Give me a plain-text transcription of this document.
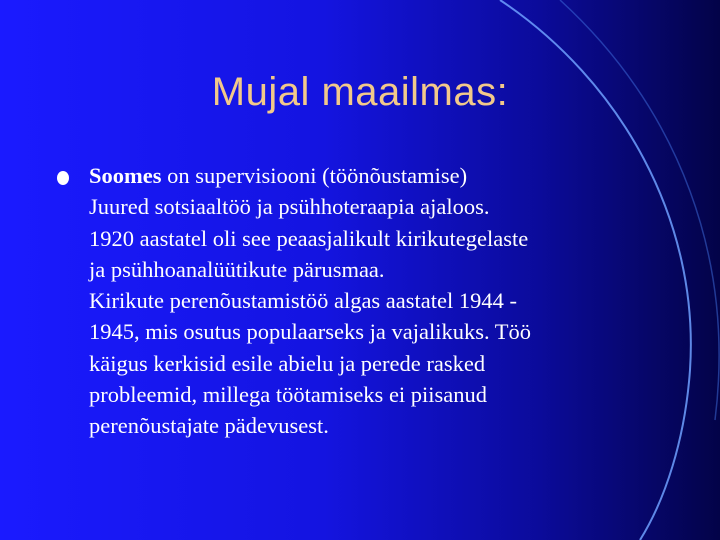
Mujal maailmas:
Soomes on supervisiooni (töönõustamise)
Juured sotsiaaltöö ja psühhoteraapia ajaloos.
1920 aastatel oli see peaasjalikult kirikutegelaste
ja psühhoanalüütikute pärusmaa.
Kirikute perenõustamistöö algas aastatel 1944 -
1945, mis osutus populaarseks ja vajalikuks. Töö
käigus kerkisid esile abielu ja perede rasked
probleemid, millega töötamiseks ei piisanud
perenõustajate pädevusest.
